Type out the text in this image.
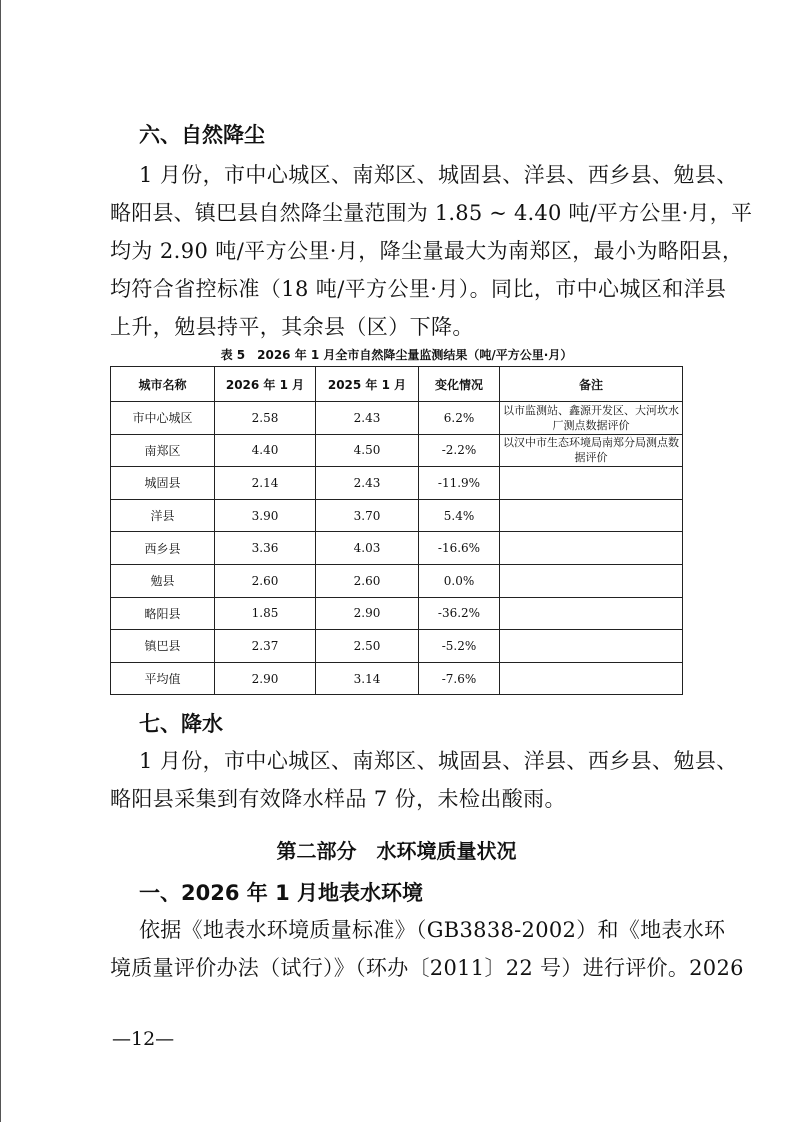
六、自然降尘
1 月份，市中心城区、南郑区、城固县、洋县、西乡县、勉县、
略阳县、镇巴县自然降尘量范围为 1.85 ~ 4.40 吨/平方公里·月，平
均为 2.90 吨/平方公里·月，降尘量最大为南郑区，最小为略阳县，
均符合省控标准（18 吨/平方公里·月）。同比，市中心城区和洋县
上升，勉县持平，其余县（区）下降。
表 5　2026 年 1 月全市自然降尘量监测结果（吨/平方公里·月）
城市名称	2026 年 1 月	2025 年 1 月	变化情况	备注
市中心城区	2.58	2.43	6.2%	以市监测站、鑫源开发区、大河坎水厂测点数据评价
南郑区	4.40	4.50	-2.2%	以汉中市生态环境局南郑分局测点数据评价
城固县	2.14	2.43	-11.9%	
洋县	3.90	3.70	5.4%	
西乡县	3.36	4.03	-16.6%	
勉县	2.60	2.60	0.0%	
略阳县	1.85	2.90	-36.2%	
镇巴县	2.37	2.50	-5.2%	
平均值	2.90	3.14	-7.6%	
七、降水
1 月份，市中心城区、南郑区、城固县、洋县、西乡县、勉县、
略阳县采集到有效降水样品 7 份，未检出酸雨。
第二部分　水环境质量状况
一、2026 年 1 月地表水环境
依据《地表水环境质量标准》（GB3838-2002）和《地表水环
境质量评价办法（试行）》（环办〔2011〕22 号）进行评价。2026
—12—
